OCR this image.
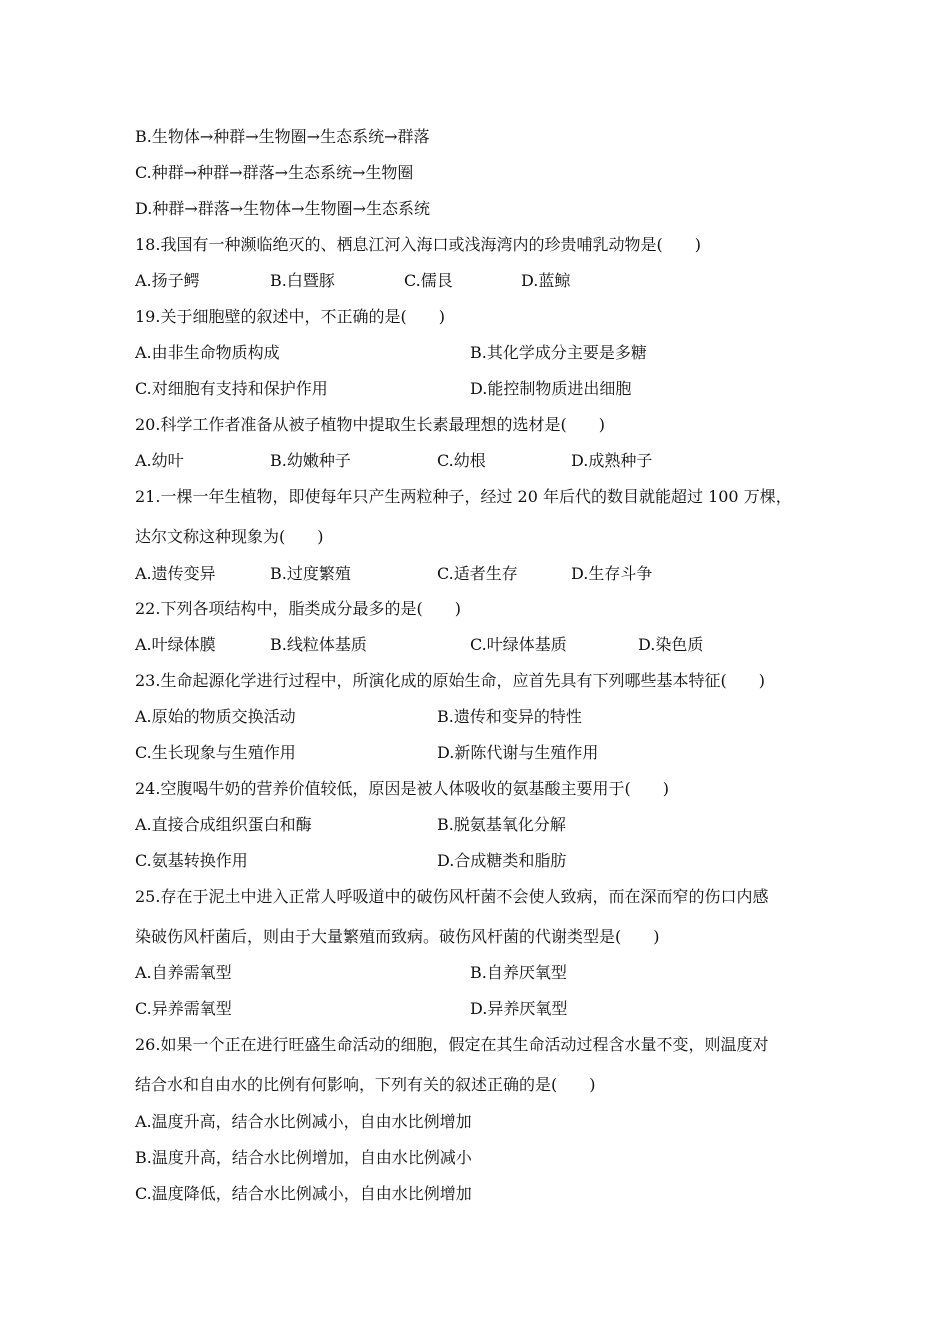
B.生物体→种群→生物圈→生态系统→群落
C.种群→种群→群落→生态系统→生物圈
D.种群→群落→生物体→生物圈→生态系统
18.我国有一种濒临绝灭的、栖息江河入海口或浅海湾内的珍贵哺乳动物是(　　)
A.扬子鳄	B.白暨豚	C.儒艮	D.蓝鲸
19.关于细胞壁的叙述中，不正确的是(　　)
A.由非生命物质构成	B.其化学成分主要是多糖
C.对细胞有支持和保护作用	D.能控制物质进出细胞
20.科学工作者准备从被子植物中提取生长素最理想的选材是(　　)
A.幼叶	B.幼嫩种子	C.幼根	D.成熟种子
21.一棵一年生植物，即使每年只产生两粒种子，经过 20 年后代的数目就能超过 100 万棵，
达尔文称这种现象为(　　)
A.遗传变异	B.过度繁殖	C.适者生存	D.生存斗争
22.下列各项结构中，脂类成分最多的是(　　)
A.叶绿体膜	B.线粒体基质	C.叶绿体基质	D.染色质
23.生命起源化学进行过程中，所演化成的原始生命，应首先具有下列哪些基本特征(　　)
A.原始的物质交换活动	B.遗传和变异的特性
C.生长现象与生殖作用	D.新陈代谢与生殖作用
24.空腹喝牛奶的营养价值较低，原因是被人体吸收的氨基酸主要用于(　　)
A.直接合成组织蛋白和酶	B.脱氨基氧化分解
C.氨基转换作用	D.合成糖类和脂肪
25.存在于泥土中进入正常人呼吸道中的破伤风杆菌不会使人致病，而在深而窄的伤口内感
染破伤风杆菌后，则由于大量繁殖而致病。破伤风杆菌的代谢类型是(　　)
A.自养需氧型	B.自养厌氧型
C.异养需氧型	D.异养厌氧型
26.如果一个正在进行旺盛生命活动的细胞，假定在其生命活动过程含水量不变，则温度对
结合水和自由水的比例有何影响，下列有关的叙述正确的是(　　)
A.温度升高，结合水比例减小，自由水比例增加
B.温度升高，结合水比例增加，自由水比例减小
C.温度降低，结合水比例减小，自由水比例增加
